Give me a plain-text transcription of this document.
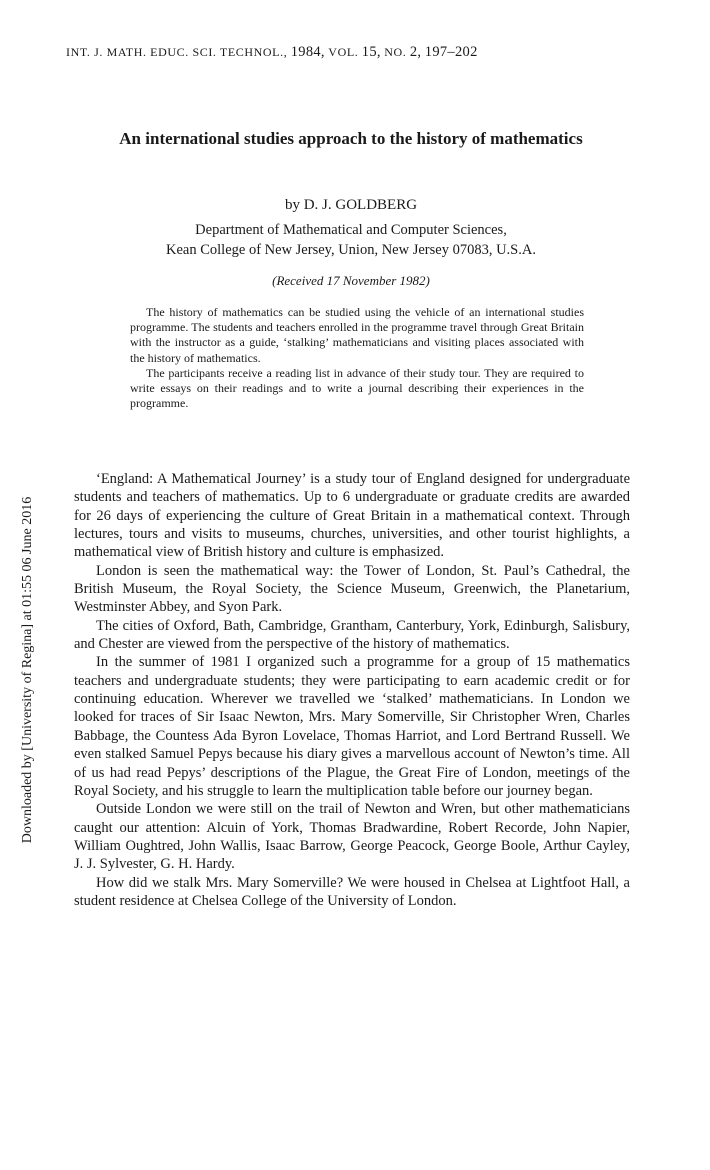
INT. J. MATH. EDUC. SCI. TECHNOL., 1984, VOL. 15, NO. 2, 197–202
An international studies approach to the history of mathematics
by D. J. GOLDBERG
Department of Mathematical and Computer Sciences,
Kean College of New Jersey, Union, New Jersey 07083, U.S.A.
(Received 17 November 1982)

The history of mathematics can be studied using the vehicle of an international studies programme. The students and teachers enrolled in the programme travel through Great Britain with the instructor as a guide, ‘stalking’ mathematicians and visiting places associated with the history of mathematics.

The participants receive a reading list in advance of their study tour. They are required to write essays on their readings and to write a journal describing their experiences in the programme.

‘England: A Mathematical Journey’ is a study tour of England designed for undergraduate students and teachers of mathematics. Up to 6 undergraduate or graduate credits are awarded for 26 days of experiencing the culture of Great Britain in a mathematical context. Through lectures, tours and visits to museums, churches, universities, and other tourist highlights, a mathematical view of British history and culture is emphasized.

London is seen the mathematical way: the Tower of London, St. Paul’s Cathedral, the British Museum, the Royal Society, the Science Museum, Greenwich, the Planetarium, Westminster Abbey, and Syon Park.

The cities of Oxford, Bath, Cambridge, Grantham, Canterbury, York, Edinburgh, Salisbury, and Chester are viewed from the perspective of the history of mathematics.

In the summer of 1981 I organized such a programme for a group of 15 mathematics teachers and undergraduate students; they were participating to earn academic credit or for continuing education. Wherever we travelled we ‘stalked’ mathematicians. In London we looked for traces of Sir Isaac Newton, Mrs. Mary Somerville, Sir Christopher Wren, Charles Babbage, the Countess Ada Byron Lovelace, Thomas Harriot, and Lord Bertrand Russell. We even stalked Samuel Pepys because his diary gives a marvellous account of Newton’s time. All of us had read Pepys’ descriptions of the Plague, the Great Fire of London, meetings of the Royal Society, and his struggle to learn the multiplication table before our journey began.

Outside London we were still on the trail of Newton and Wren, but other mathematicians caught our attention: Alcuin of York, Thomas Bradwardine, Robert Recorde, John Napier, William Oughtred, John Wallis, Isaac Barrow, George Peacock, George Boole, Arthur Cayley, J. J. Sylvester, G. H. Hardy.

How did we stalk Mrs. Mary Somerville? We were housed in Chelsea at Lightfoot Hall, a student residence at Chelsea College of the University of London.

Downloaded by [University of Regina] at 01:55 06 June 2016
